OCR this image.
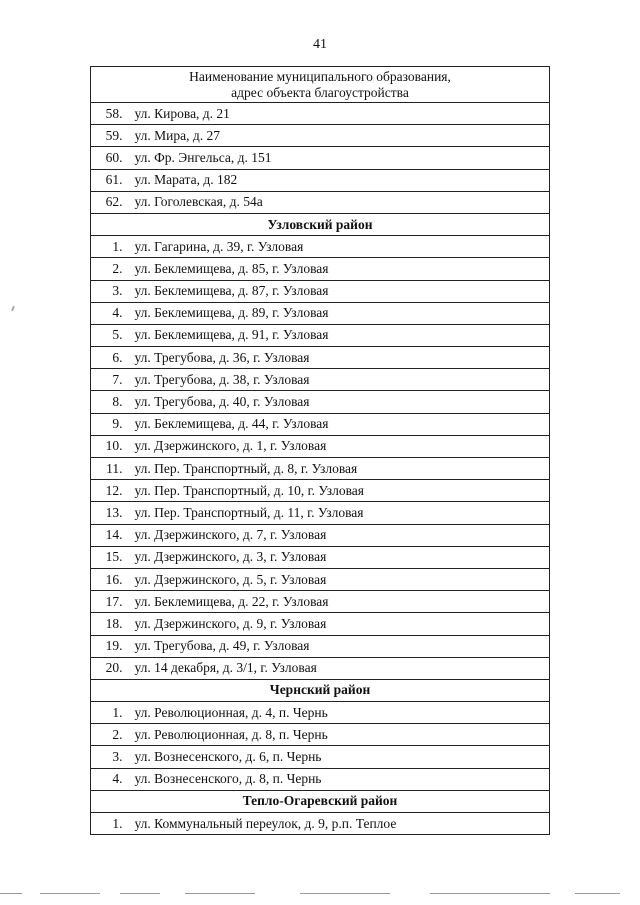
41
Наименование муниципального образования,
адрес объекта благоустройства	

58.	ул. Кирова, д. 21
59.	ул. Мира, д. 27
60.	ул. Фр. Энгельса, д. 151
61.	ул. Марата, д. 182
62.	ул. Гоголевская, д. 54а
Узловский район	
1.	ул. Гагарина, д. 39, г. Узловая
2.	ул. Беклемищева, д. 85, г. Узловая
3.	ул. Беклемищева, д. 87, г. Узловая
4.	ул. Беклемищева, д. 89, г. Узловая
5.	ул. Беклемищева, д. 91, г. Узловая
6.	ул. Трегубова, д. 36, г. Узловая
7.	ул. Трегубова, д. 38, г. Узловая
8.	ул. Трегубова, д. 40, г. Узловая
9.	ул. Беклемищева, д. 44, г. Узловая
10.	ул. Дзержинского, д. 1, г. Узловая
11.	ул. Пер. Транспортный, д. 8, г. Узловая
12.	ул. Пер. Транспортный, д. 10, г. Узловая
13.	ул. Пер. Транспортный, д. 11, г. Узловая
14.	ул. Дзержинского, д. 7, г. Узловая
15.	ул. Дзержинского, д. 3, г. Узловая
16.	ул. Дзержинского, д. 5, г. Узловая
17.	ул. Беклемищева, д. 22, г. Узловая
18.	ул. Дзержинского, д. 9, г. Узловая
19.	ул. Трегубова, д. 49, г. Узловая
20.	ул. 14 декабря, д. 3/1, г. Узловая
Чернский район	
1.	ул. Революционная, д. 4, п. Чернь
2.	ул. Революционная, д. 8, п. Чернь
3.	ул. Вознесенского, д. 6, п. Чернь
4.	ул. Вознесенского, д. 8, п. Чернь
Тепло-Огаревский район	
1.	ул. Коммунальный переулок, д. 9, р.п. Теплое
